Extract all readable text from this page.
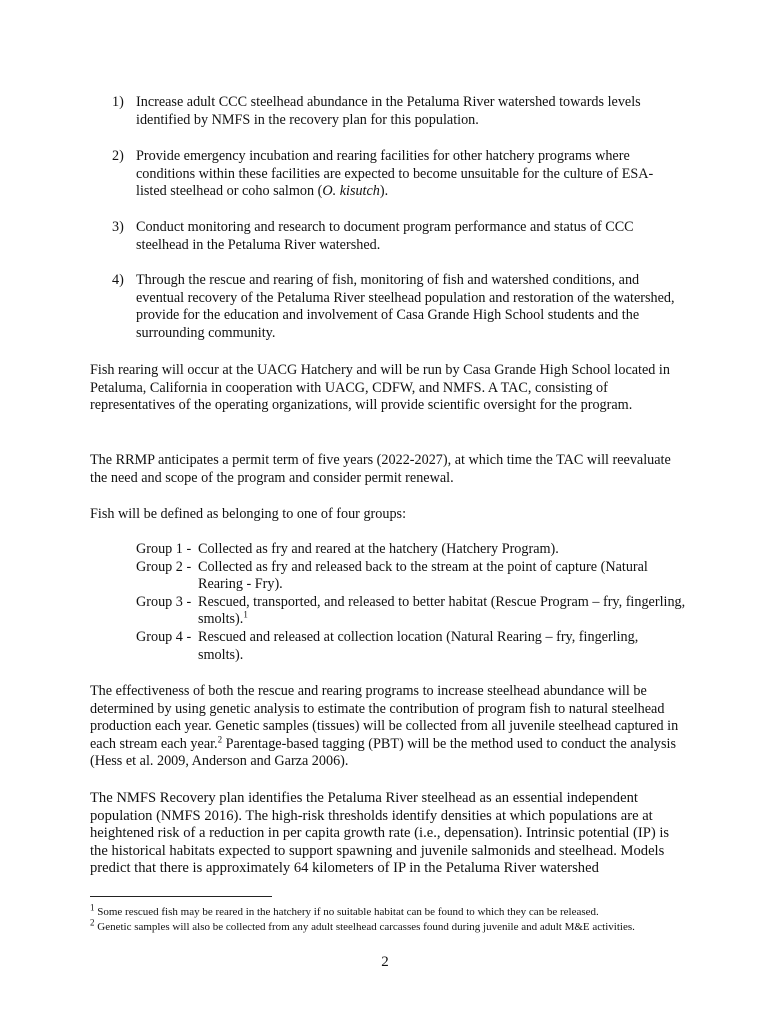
1) Increase adult CCC steelhead abundance in the Petaluma River watershed towards levels identified by NMFS in the recovery plan for this population.
2) Provide emergency incubation and rearing facilities for other hatchery programs where conditions within these facilities are expected to become unsuitable for the culture of ESA-listed steelhead or coho salmon (O. kisutch).
3) Conduct monitoring and research to document program performance and status of CCC steelhead in the Petaluma River watershed.
4) Through the rescue and rearing of fish, monitoring of fish and watershed conditions, and eventual recovery of the Petaluma River steelhead population and restoration of the watershed, provide for the education and involvement of Casa Grande High School students and the surrounding community.
Fish rearing will occur at the UACG Hatchery and will be run by Casa Grande High School located in Petaluma, California in cooperation with UACG, CDFW, and NMFS. A TAC, consisting of representatives of the operating organizations, will provide scientific oversight for the program.
The RRMP anticipates a permit term of five years (2022-2027), at which time the TAC will reevaluate the need and scope of the program and consider permit renewal.
Fish will be defined as belonging to one of four groups:
Group 1 - Collected as fry and reared at the hatchery (Hatchery Program).
Group 2 - Collected as fry and released back to the stream at the point of capture (Natural Rearing - Fry).
Group 3 - Rescued, transported, and released to better habitat (Rescue Program – fry, fingerling, smolts).$^1$
Group 4 - Rescued and released at collection location (Natural Rearing – fry, fingerling, smolts).
The effectiveness of both the rescue and rearing programs to increase steelhead abundance will be determined by using genetic analysis to estimate the contribution of program fish to natural steelhead production each year. Genetic samples (tissues) will be collected from all juvenile steelhead captured in each stream each year.$^2$ Parentage-based tagging (PBT) will be the method used to conduct the analysis (Hess et al. 2009, Anderson and Garza 2006).
The NMFS Recovery plan identifies the Petaluma River steelhead as an essential independent population (NMFS 2016). The high-risk thresholds identify densities at which populations are at heightened risk of a reduction in per capita growth rate (i.e., depensation). Intrinsic potential (IP) is the historical habitats expected to support spawning and juvenile salmonids and steelhead. Models predict that there is approximately 64 kilometers of IP in the Petaluma River watershed
$^1$ Some rescued fish may be reared in the hatchery if no suitable habitat can be found to which they can be released.
$^2$ Genetic samples will also be collected from any adult steelhead carcasses found during juvenile and adult M&E activities.
2
